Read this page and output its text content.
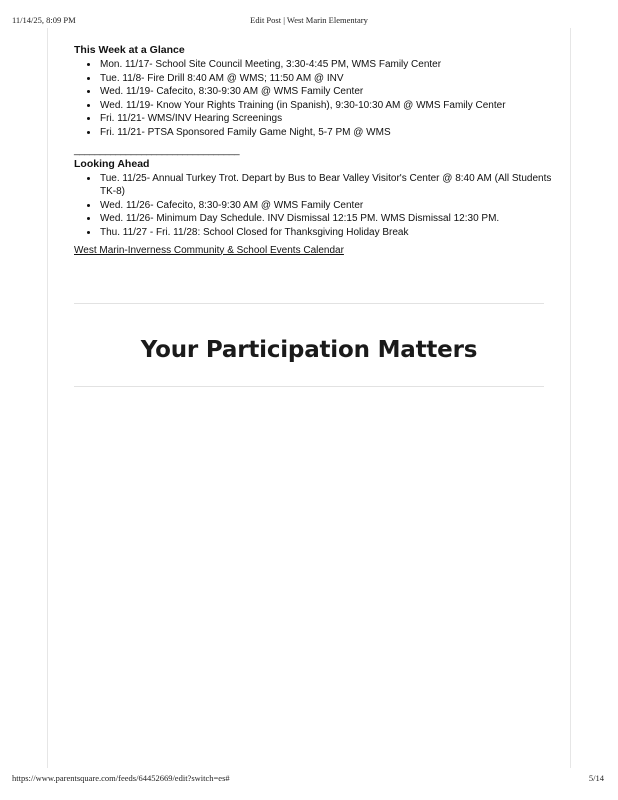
11/14/25, 8:09 PM	Edit Post | West Marin Elementary
This Week at a Glance
• Mon. 11/17- School Site Council Meeting, 3:30-4:45 PM, WMS Family Center
• Tue. 11/8- Fire Drill 8:40 AM @ WMS; 11:50 AM @ INV
• Wed. 11/19- Cafecito, 8:30-9:30 AM @ WMS Family Center
• Wed. 11/19- Know Your Rights Training (in Spanish), 9:30-10:30 AM @ WMS Family Center
• Fri. 11/21- WMS/INV Hearing Screenings
• Fri. 11/21- PTSA Sponsored Family Game Night, 5-7 PM @ WMS
________________________________
Looking Ahead
• Tue. 11/25- Annual Turkey Trot. Depart by Bus to Bear Valley Visitor's Center @ 8:40 AM (All Students TK-8)
• Wed. 11/26- Cafecito, 8:30-9:30 AM @ WMS Family Center
• Wed. 11/26- Minimum Day Schedule. INV Dismissal 12:15 PM. WMS Dismissal 12:30 PM.
• Thu. 11/27 - Fri. 11/28: School Closed for Thanksgiving Holiday Break
West Marin-Inverness Community & School Events Calendar
Your Participation Matters
https://www.parentsquare.com/feeds/64452669/edit?switch=es#	5/14
